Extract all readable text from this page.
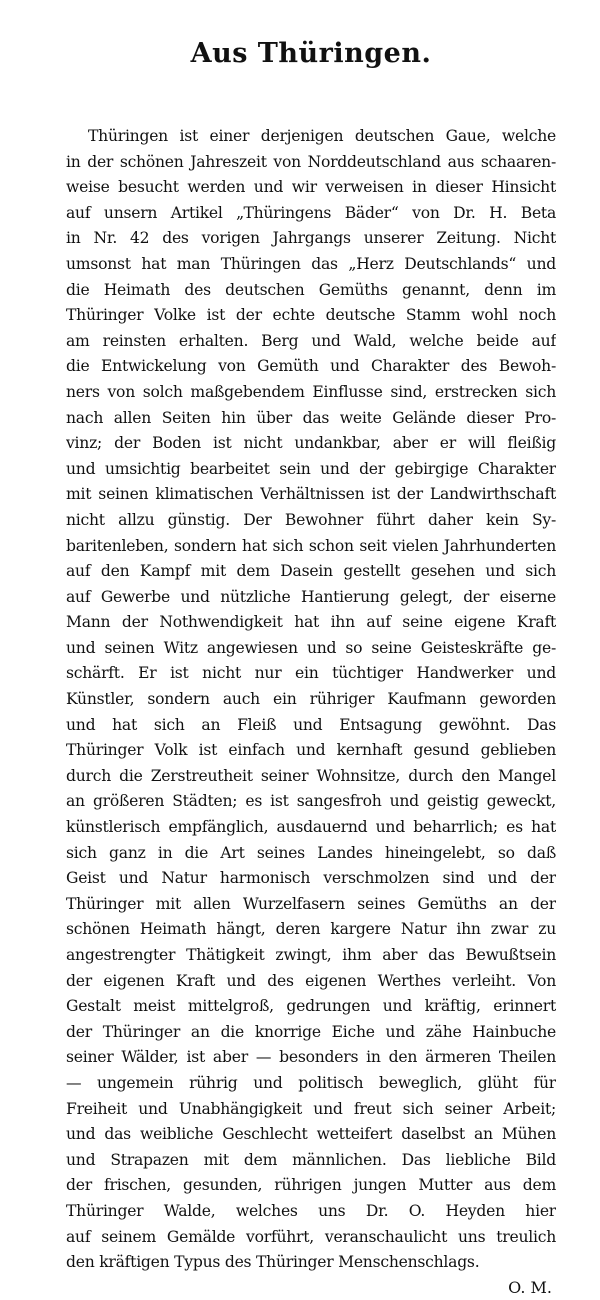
Aus Thüringen.
Thüringen ist einer derjenigen deutschen Gaue, welche
in der schönen Jahreszeit von Norddeutschland aus schaaren-
weise besucht werden und wir verweisen in dieser Hinsicht
auf unsern Artikel „Thüringens Bäder“ von Dr. H. Beta
in Nr. 42 des vorigen Jahrgangs unserer Zeitung. Nicht
umsonst hat man Thüringen das „Herz Deutschlands“ und
die Heimath des deutschen Gemüths genannt, denn im
Thüringer Volke ist der echte deutsche Stamm wohl noch
am reinsten erhalten. Berg und Wald, welche beide auf
die Entwickelung von Gemüth und Charakter des Bewoh-
ners von solch maßgebendem Einflusse sind, erstrecken sich
nach allen Seiten hin über das weite Gelände dieser Pro-
vinz; der Boden ist nicht undankbar, aber er will fleißig
und umsichtig bearbeitet sein und der gebirgige Charakter
mit seinen klimatischen Verhältnissen ist der Landwirthschaft
nicht allzu günstig. Der Bewohner führt daher kein Sy-
baritenleben, sondern hat sich schon seit vielen Jahrhunderten
auf den Kampf mit dem Dasein gestellt gesehen und sich
auf Gewerbe und nützliche Hantierung gelegt, der eiserne
Mann der Nothwendigkeit hat ihn auf seine eigene Kraft
und seinen Witz angewiesen und so seine Geisteskräfte ge-
schärft. Er ist nicht nur ein tüchtiger Handwerker und
Künstler, sondern auch ein rühriger Kaufmann geworden
und hat sich an Fleiß und Entsagung gewöhnt. Das
Thüringer Volk ist einfach und kernhaft gesund geblieben
durch die Zerstreutheit seiner Wohnsitze, durch den Mangel
an größeren Städten; es ist sangesfroh und geistig geweckt,
künstlerisch empfänglich, ausdauernd und beharrlich; es hat
sich ganz in die Art seines Landes hineingelebt, so daß
Geist und Natur harmonisch verschmolzen sind und der
Thüringer mit allen Wurzelfasern seines Gemüths an der
schönen Heimath hängt, deren kargere Natur ihn zwar zu
angestrengter Thätigkeit zwingt, ihm aber das Bewußtsein
der eigenen Kraft und des eigenen Werthes verleiht. Von
Gestalt meist mittelgroß, gedrungen und kräftig, erinnert
der Thüringer an die knorrige Eiche und zähe Hainbuche
seiner Wälder, ist aber — besonders in den ärmeren Theilen
— ungemein rührig und politisch beweglich, glüht für
Freiheit und Unabhängigkeit und freut sich seiner Arbeit;
und das weibliche Geschlecht wetteifert daselbst an Mühen
und Strapazen mit dem männlichen. Das liebliche Bild
der frischen, gesunden, rührigen jungen Mutter aus dem
Thüringer Walde, welches uns Dr. O. Heyden hier
auf seinem Gemälde vorführt, veranschaulicht uns treulich
den kräftigen Typus des Thüringer Menschenschlags.
O. M.
